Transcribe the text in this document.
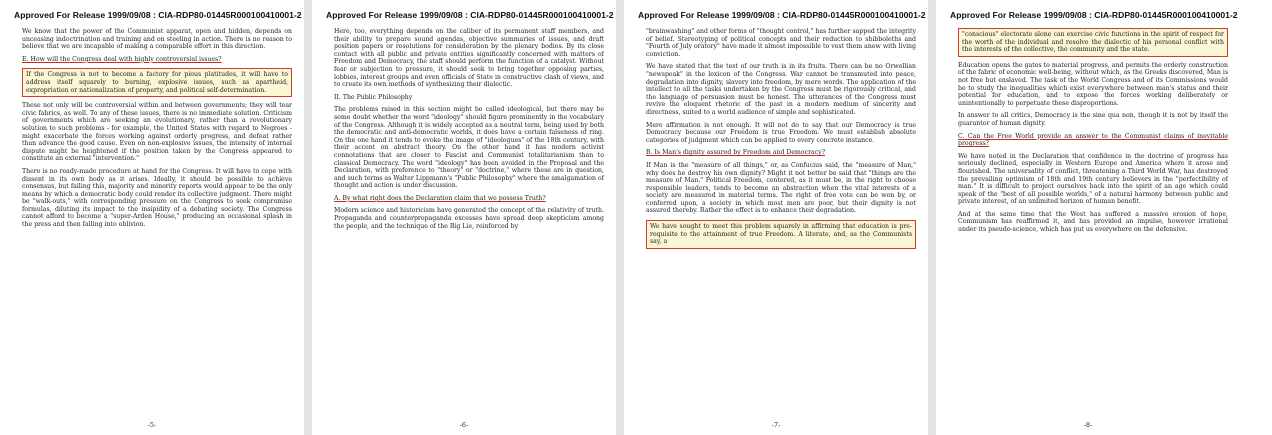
Approved For Release 1999/09/08 : CIA-RDP80-01445R000100410001-2

We know that the power of the Communist apparat, open and hidden, depends on unceasing indoctrination and training and on steeling in action. There is no reason to believe that we are incapable of making a comparable effort in this direction.

E. How will the Congress deal with highly controversial issues?

If the Congress is not to become a factory for pious platitudes, it will have to address itself squarely to burning, explosive issues, such as apartheid, expropriation or nationalization of property, and political self-determination.

These not only will be controversial within and between governments; they will tear civic fabrics, as well. To any of these issues, there is no immediate solution. Criticism of governments which are seeking an evolutionary, rather than a revolutionary solution to such problems - for example, the United States with regard to Negroes - might exacerbate the forces working against orderly progress, and defeat rather than advance the good cause. Even on non-explosive issues, the intensity of internal dispute might be heightened if the position taken by the Congress appeared to constitute an external "intervention."

There is no ready-made procedure at hand for the Congress. It will have to cope with dissent in its own body as it arises. Ideally, it should be possible to achieve consensus, but failing this, majority and minority reports would appear to be the only means by which a democratic body could render its collective judgment. There might be "walk-outs," with corresponding pressure on the Congress to seek compromise formulas, diluting its impact to the insipidity of a debating society. The Congress cannot afford to become a "super-Arden House," producing an occasional splash in the press and then falling into oblivion.

-5-
Approved For Release 1999/09/08 : CIA-RDP80-01445R000100410001-2

Here, too, everything depends on the caliber of its permanent staff members, and their ability to prepare sound agendas, objective summaries of issues, and draft position papers or resolutions for consideration by the plenary bodies. By its close contact with all public and private entities significantly concerned with matters of Freedom and Democracy, the staff should perform the function of a catalyst. Without fear or subjection to pressure, it should seek to bring together opposing parties, lobbies, interest groups and even officials of State in constructive clash of views, and to create its own methods of synthesizing their dialectic.

II. The Public Philosophy

The problems raised in this section might be called ideological, but there may be some doubt whether the word "ideology" should figure prominently in the vocabulary of the Congress. Although it is widely accepted as a neutral term, being used by both the democratic and anti-democratic worlds, it does have a certain falseness of ring. On the one hand it tends to evoke the image of "ideologues" of the 18th century, with their accent on abstract theory. On the other hand it has modern activist connotations that are closer to Fascist and Communist totalitarianism than to classical Democracy. The word "ideology" has been avoided in the Proposal and the Declaration, with preference to "theory" or "doctrine," where these are in question, and such terms as Walter Lippmann's "Public Philosophy" where the amalgamation of thought and action is under discussion.

A. By what right does the Declaration claim that we possess Truth?

Modern science and historicism have generated the concept of the relativity of truth. Propaganda and counterpropaganda excesses have spread deep skepticism among the people, and the technique of the Big Lie, reinforced by

-6-
Approved For Release 1999/09/08 : CIA-RDP80-01445R000100410001-2

"brainwashing" and other forms of "thought control," has further sapped the integrity of belief. Stereotyping of political concepts and their reduction to shibboleths and "Fourth of July oratory" have made it almost impossible to vest them anew with living conviction.

We have stated that the test of our truth is in its fruits. There can be no Orwellian "newspeak" in the lexicon of the Congress. War cannot be transmuted into peace, degradation into dignity, slavery into freedom, by mere words. The application of the intellect to all the tasks undertaken by the Congress must be rigorously critical, and the language of persuasion must be honest. The utterances of the Congress must revive the eloquent rhetoric of the past in a modern medium of sincerity and directness, suited to a world audience of simple and sophisticated.

Mere affirmation is not enough. It will not do to say that our Democracy is true Democracy because our Freedom is true Freedom. We must establish absolute categories of judgment which can be applied to every concrete instance.

B. Is Man's dignity assured by Freedom and Democracy?

If Man is the "measure of all things," or, as Confucius said, the "measure of Man," why does he destroy his own dignity? Might it not better be said that "things are the measure of Man." Political Freedom, centered, as it must be, in the right to choose responsible leaders, tends to become an abstraction when the vital interests of a society are measured in material terms. The right of free vote can be won by, or conferred upon, a society in which most men are poor, but their dignity is not assured thereby. Rather the effect is to enhance their degradation.

We have sought to meet this problem squarely in affirming that education is pre-requisite to the attainment of true Freedom. A literate, and, as the Communists say, a

-7-
Approved For Release 1999/09/08 : CIA-RDP80-01445R000100410001-2

"conscious" electorate alone can exercise civic functions in the spirit of respect for the worth of the individual and resolve the dialectic of his personal conflict with the interests of the collective, the community and the state.

Education opens the gates to material progress, and permits the orderly construction of the fabric of economic well-being, without which, as the Greeks discovered, Man is not free but enslaved. The task of the World Congress and of its Commissions would be to study the inequalities which exist everywhere between man's status and their potential for education, and to expose the forces working deliberately or unintentionally to perpetuate these disproportions.

In answer to all critics, Democracy is the sine qua non, though it is not by itself the guarantor of human dignity.

C. Can the Free World provide an answer to the Communist claims of inevitable progress?

We have noted in the Declaration that confidence in the doctrine of progress has seriously declined, especially in Western Europe and America where it arose and flourished. The universality of conflict, threatening a Third World War, has destroyed the prevailing optimism of 18th and 19th century believers in the "perfectibility of man." It is difficult to project ourselves back into the spirit of an age which could speak of the "best of all possible worlds," of a natural harmony between public and private interest, of an unlimited horizon of human benefit.

And at the same time that the West has suffered a massive erosion of hope, Communism has reaffirmed it, and has provided an impulse, however irrational under its pseudo-science, which has put us everywhere on the defensive.

-8-
